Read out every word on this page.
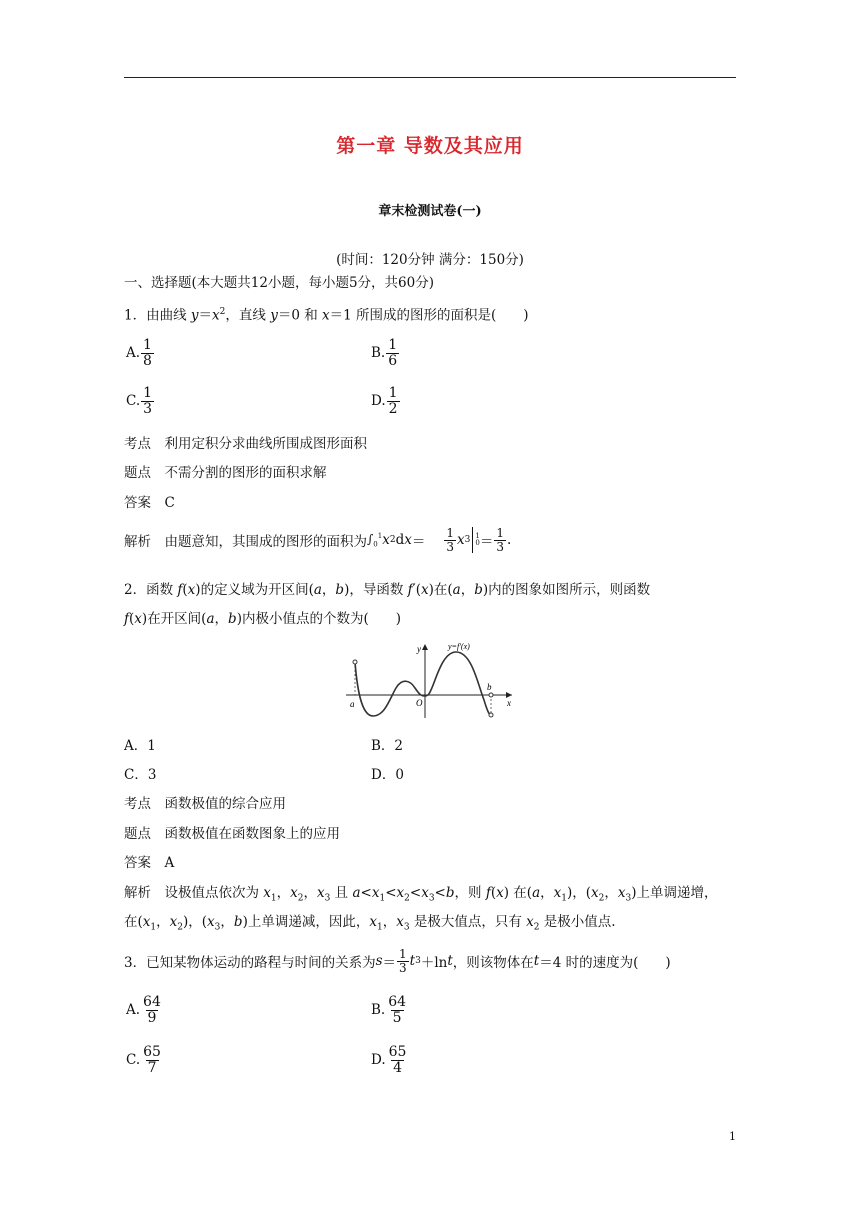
第一章 导数及其应用
章末检测试卷(一)
(时间：120分钟 满分：150分)
一、选择题(本大题共12小题，每小题5分，共60分)
1．由曲线 $y=x^2$，直线 y＝0 和 x＝1 所围成的图形的面积是(　　)
A. $\frac{1}{8}$	B. $\frac{1}{6}$
C. $\frac{1}{3}$	D. $\frac{1}{2}$
考点　 利用定积分求曲线所围成图形面积
题点　 不需分割的图形的面积求解
答案　 C
解析
　 由题意知，其围成的图形的面积为 $\int_0^1$ x 2 d $x = \frac{1}{3}$ x 3 1
$0 = \frac{1}{3}$ .
2．函数 f(x)的定义域为开区间(a，b)，导函数 f′(x)在(a，b)内的图象如图所示，则函数
f(x)在开区间(a，b)内极小值点的个数为(　　)
a	O
b
x
y	y=f′(x)
A．1	B．2
C．3	D．0
考点　 函数极值的综合应用
题点　 函数极值在函数图象上的应用
答案　 A
解析　 设极值点依次为 $x_1$，$x_2$，$x_3$ 且 $a<x_1<x_2<x_3<b$，则 f(x) 在(a，$x_1$)，($x_2$，$x_3$)上单调递增，
在($x_1$，$x_2$)，($x_3$，b)上单调递减，因此，$x_1$，$x_3$ 是极大值点，只有 $x_2$ 是极小值点.
3．已知某物体运动的路程与时间的关系为 $s = \frac{1}{3}$ t 3 ＋ln t ，则该物体在 t ＝4 时的速度为(　　)
A. $\frac{64}{9}$	B. $\frac{64}{5}$
C. $\frac{65}{7}$	D. $\frac{65}{4}$
1
